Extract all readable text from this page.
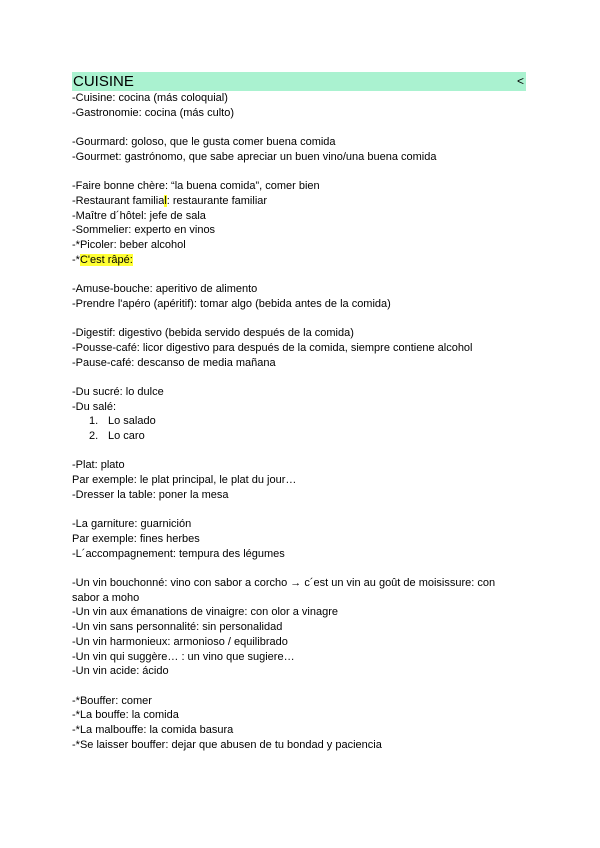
CUISINE	<
-Cuisine: cocina (más coloquial)
-Gastronomie: cocina (más culto)
-Gourmard: goloso, que le gusta comer buena comida
-Gourmet: gastrónomo, que sabe apreciar un buen vino/una buena comida
-Faire bonne chère: “la buena comida”, comer bien
-Restaurant familial: restaurante familiar
-Maître d´hôtel: jefe de sala
-Sommelier: experto en vinos
-*Picoler: beber alcohol
-*C'est râpé:
-Amuse-bouche: aperitivo de alimento
-Prendre l'apéro (apéritif): tomar algo (bebida antes de la comida)
-Digestif: digestivo (bebida servido después de la comida)
-Pousse-café: licor digestivo para después de la comida, siempre contiene alcohol
-Pause-café: descanso de media mañana
-Du sucré: lo dulce
-Du salé:
1. Lo salado
2. Lo caro
-Plat: plato
Par exemple: le plat principal, le plat du jour…
-Dresser la table: poner la mesa
-La garniture: guarnición
Par exemple: fines herbes
-L´accompagnement: tempura des légumes
-Un vin bouchonné: vino con sabor a corcho → c´est un vin au goût de moisissure: con
sabor a moho
-Un vin aux émanations de vinaigre: con olor a vinagre
-Un vin sans personnalité: sin personalidad
-Un vin harmonieux: armonioso / equilibrado
-Un vin qui suggère… : un vino que sugiere…
-Un vin acide: ácido
-*Bouffer: comer
-*La bouffe: la comida
-*La malbouffe: la comida basura
-*Se laisser bouffer: dejar que abusen de tu bondad y paciencia
